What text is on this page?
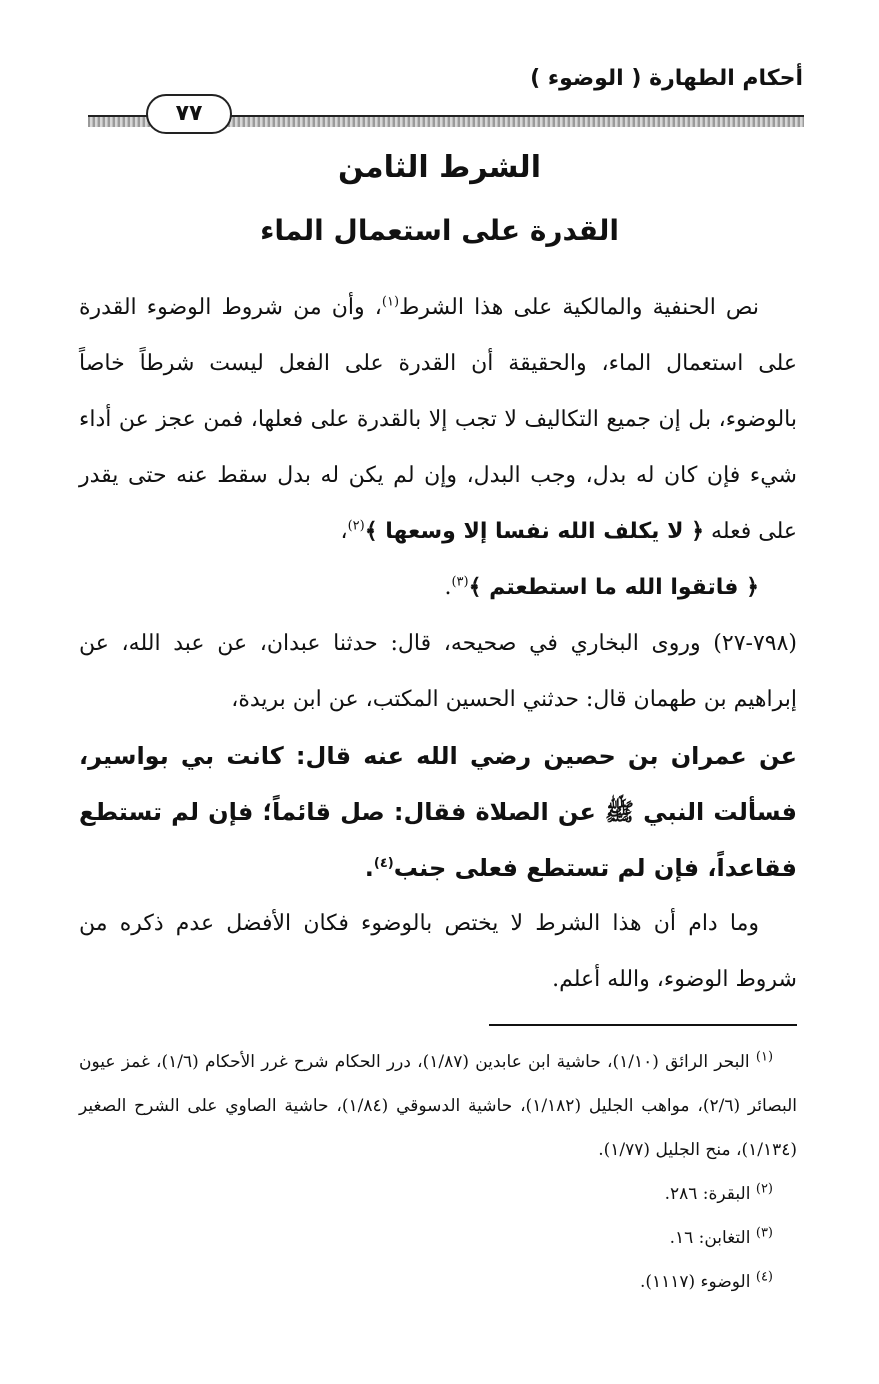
أحكام الطهارة ( الوضوء )
٧٧
الشرط الثامن
القدرة على استعمال الماء

نص الحنفية والمالكية على هذا الشرط$^{(١)}$، وأن من شروط الوضوء القدرة على استعمال الماء، والحقيقة أن القدرة على الفعل ليست شرطاً خاصاً بالوضوء، بل إن جميع التكاليف لا تجب إلا بالقدرة على فعلها، فمن عجز عن أداء شيء فإن كان له بدل، وجب البدل، وإن لم يكن له بدل سقط عنه حتى يقدر على فعله ﴿ لا يكلف الله نفسا إلا وسعها ﴾$^{(٢)}$،

﴿ فاتقوا الله ما استطعتم ﴾$^{(٣)}$.

(٧٩٨-٢٧) وروى البخاري في صحيحه، قال: حدثنا عبدان، عن عبد الله، عن إبراهيم بن طهمان قال: حدثني الحسين المكتب، عن ابن بريدة،

عن عمران بن حصين رضي الله عنه قال: كانت بي بواسير، فسألت النبي ﷺ عن الصلاة فقال: صل قائماً؛ فإن لم تستطع فقاعداً، فإن لم تستطع فعلى جنب$^{(٤)}$.

وما دام أن هذا الشرط لا يختص بالوضوء فكان الأفضل عدم ذكره من شروط الوضوء، والله أعلم.

$^{(١)}$ البحر الرائق (١/١٠)، حاشية ابن عابدين (١/٨٧)، درر الحكام شرح غرر الأحكام (١/٦)، غمز عيون البصائر (٢/٦)، مواهب الجليل (١/١٨٢)، حاشية الدسوقي (١/٨٤)، حاشية الصاوي على الشرح الصغير (١/١٣٤)، منح الجليل (١/٧٧).

$^{(٢)}$ البقرة: ٢٨٦.

$^{(٣)}$ التغابن: ١٦.

$^{(٤)}$ الوضوء (١١١٧).
